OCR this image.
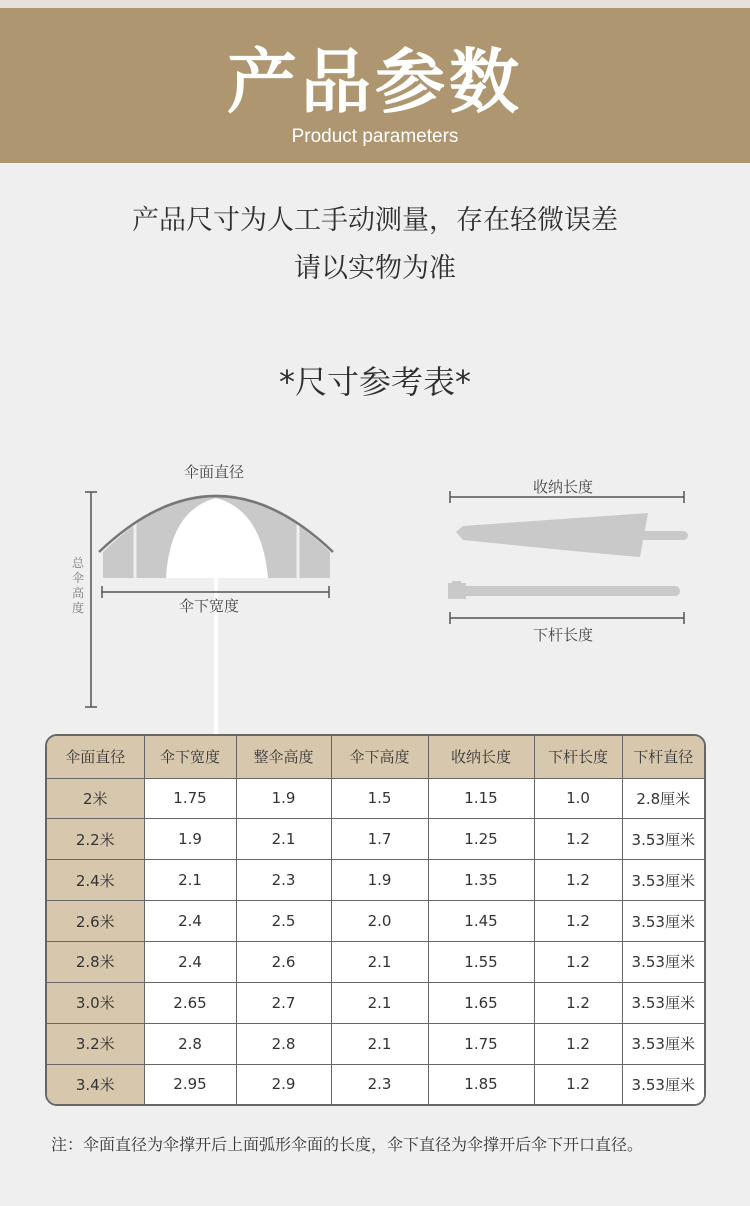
产品参数
Product parameters
产品尺寸为人工手动测量，存在轻微误差
请以实物为准
*尺寸参考表*
伞面直径
伞下宽度
总伞高度
收纳长度
下杆长度
伞面直径	伞下宽度	整伞高度	伞下高度	收纳长度	下杆长度	下杆直径
2米	1.75	1.9	1.5	1.15	1.0	2.8厘米
2.2米	1.9	2.1	1.7	1.25	1.2	3.53厘米
2.4米	2.1	2.3	1.9	1.35	1.2	3.53厘米
2.6米	2.4	2.5	2.0	1.45	1.2	3.53厘米
2.8米	2.4	2.6	2.1	1.55	1.2	3.53厘米
3.0米	2.65	2.7	2.1	1.65	1.2	3.53厘米
3.2米	2.8	2.8	2.1	1.75	1.2	3.53厘米
3.4米	2.95	2.9	2.3	1.85	1.2	3.53厘米
注：伞面直径为伞撑开后上面弧形伞面的长度，伞下直径为伞撑开后伞下开口直径。
